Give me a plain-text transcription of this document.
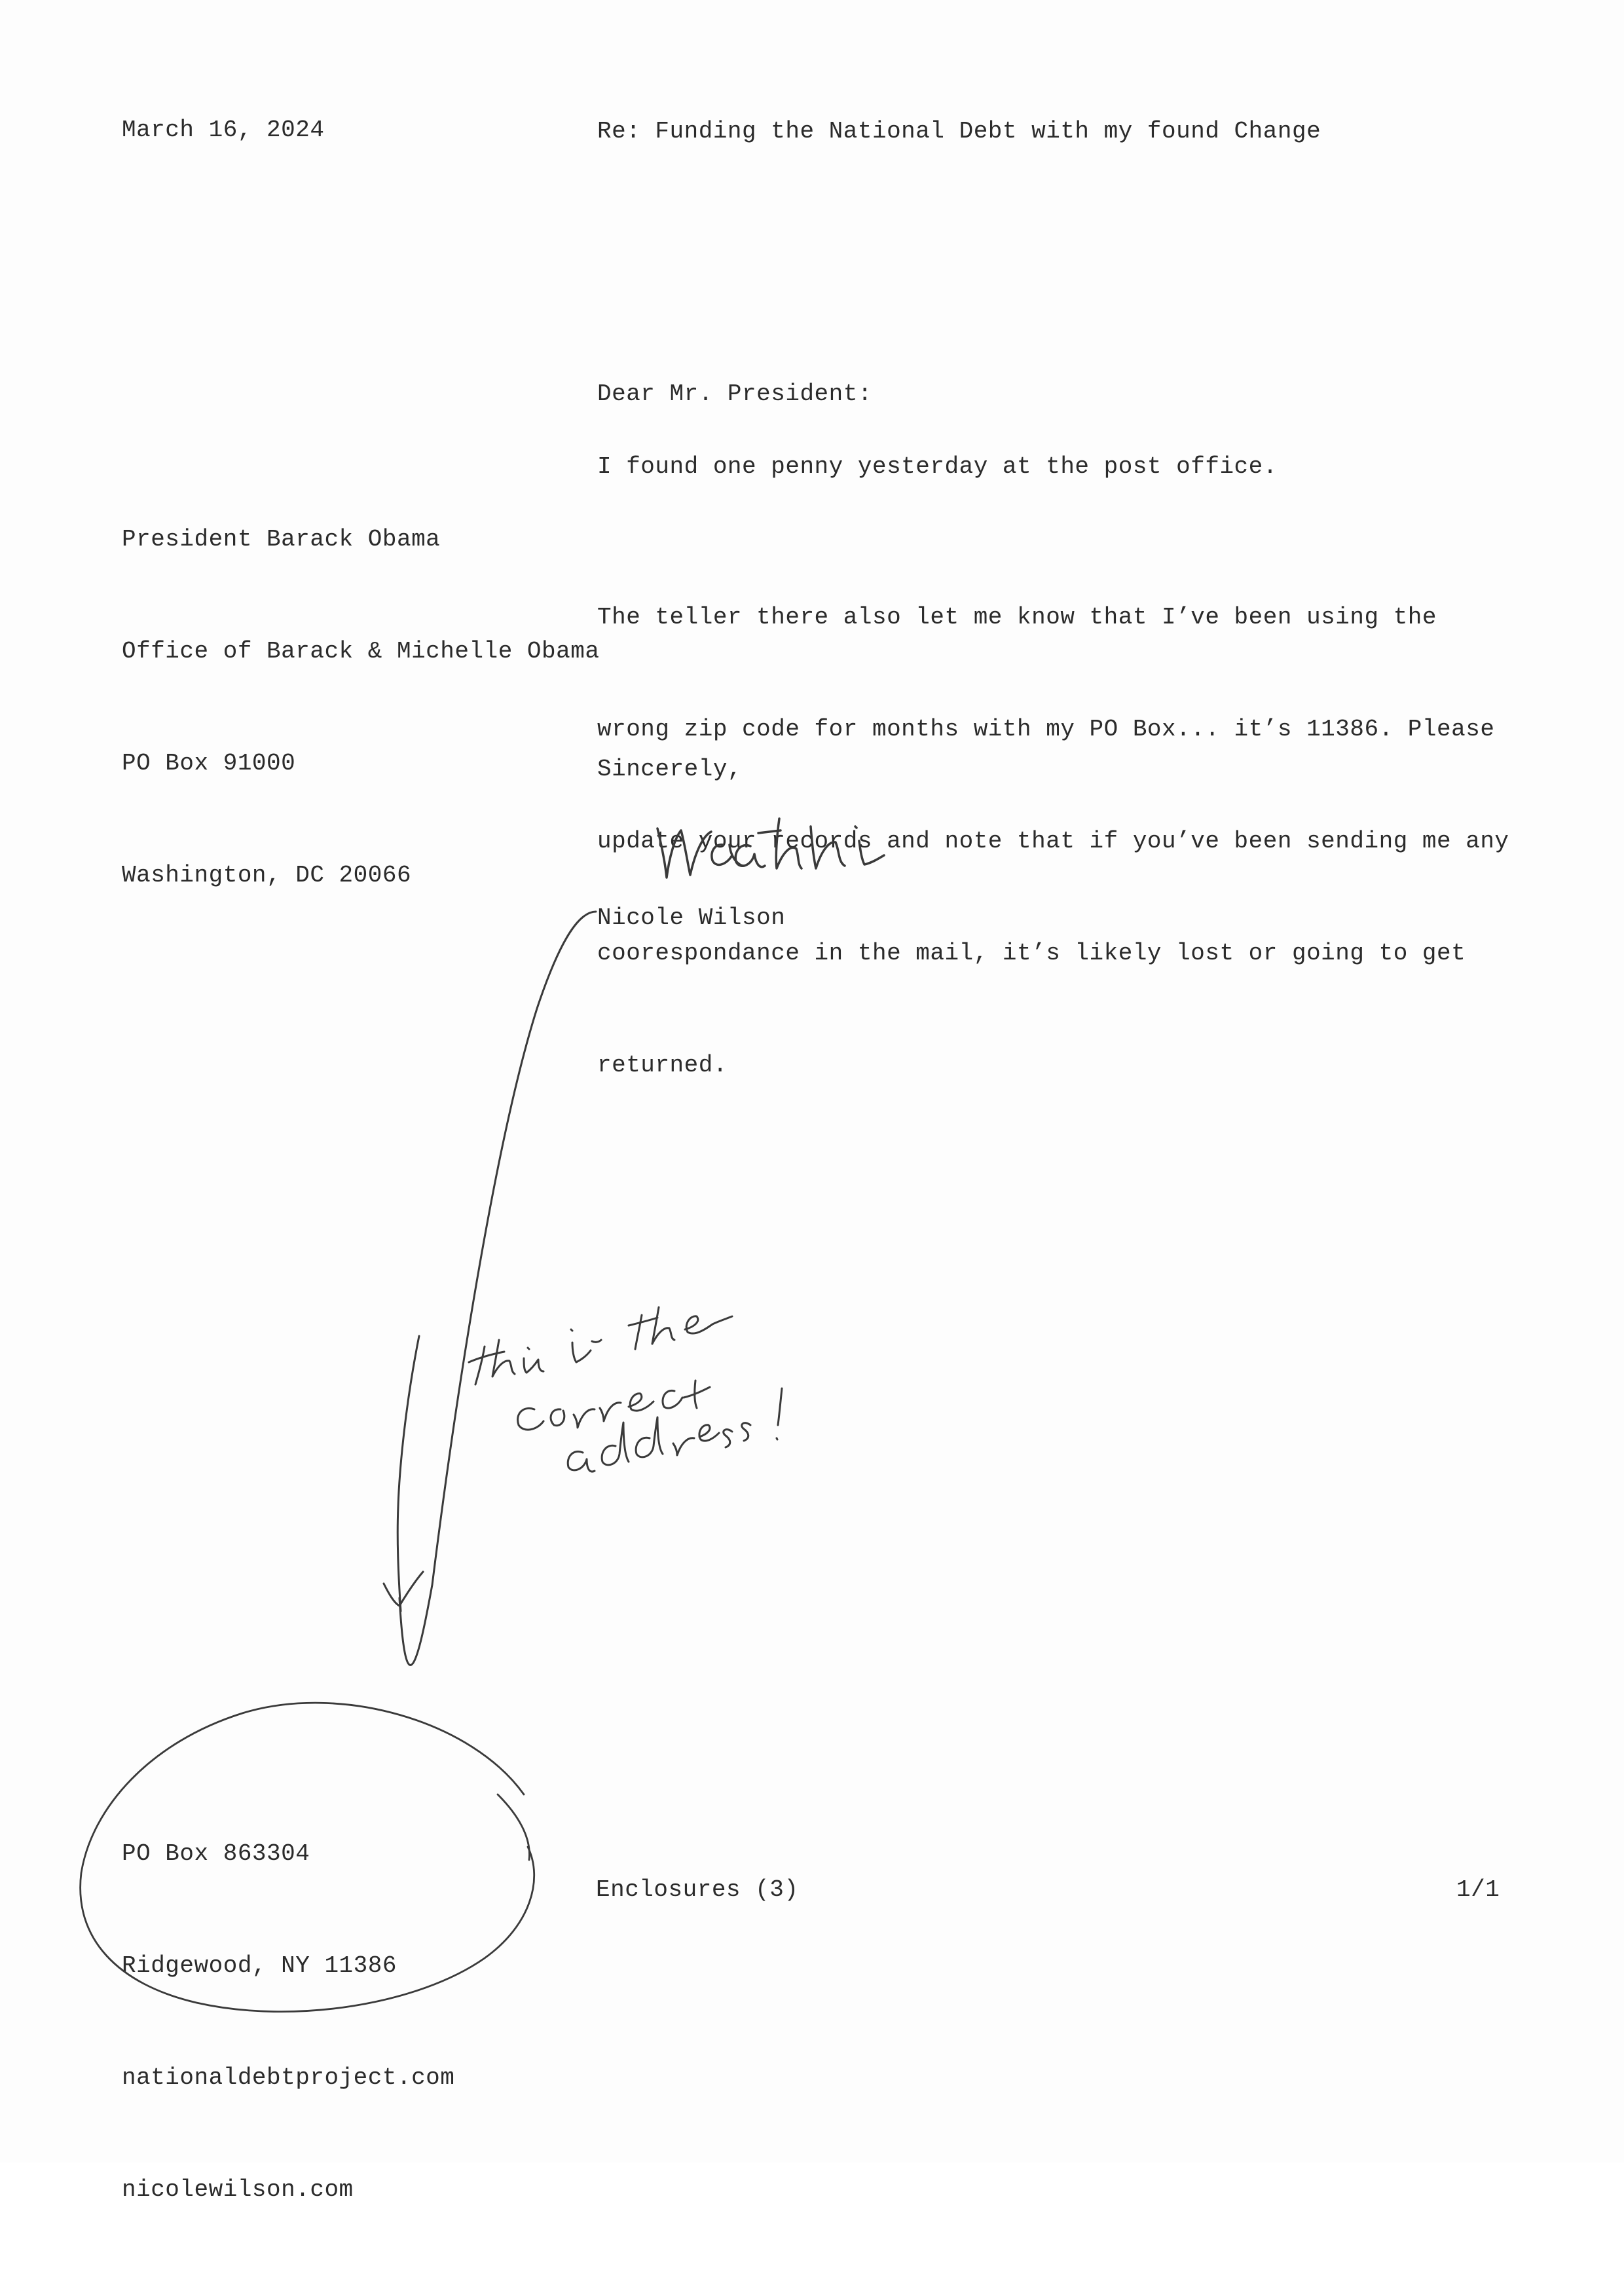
March 16, 2024	Re: Funding the National Debt with my found Change
Dear Mr. President:

President Barack Obama

Office of Barack & Michelle Obama

PO Box 91000

Washington, DC 20066

I found one penny yesterday at the post office.

The teller there also let me know that I’ve been using the

wrong zip code for months with my PO Box... it’s 11386. Please

update your records and note that if you’ve been sending me any

coorespondance in the mail, it’s likely lost or going to get

returned.

Sincerely,
Nicole Wilson

PO Box 863304

Ridgewood, NY 11386

nationaldebtproject.com

nicolewilson.com

Enclosures (3)	1/1
